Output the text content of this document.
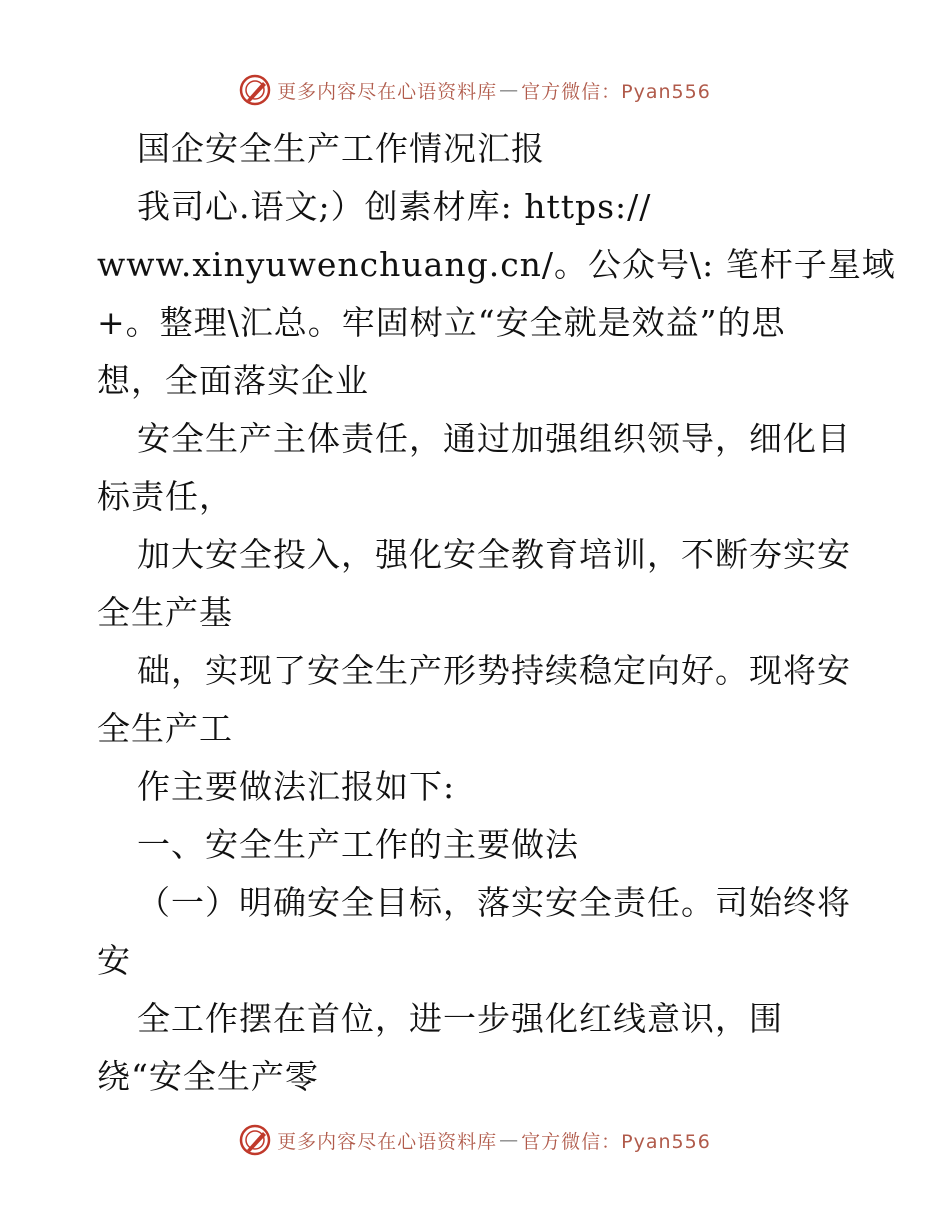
更多内容尽在心语资料库 — 官方微信：Pyan556
国企安全生产工作情况汇报
我司心.语文;）创素材库: https://
www.xinyuwenchuang.cn/。公众号\: 笔杆子星域
+。整理\汇总。牢固树立“安全就是效益”的思
想，全面落实企业
安全生产主体责任，通过加强组织领导，细化目
标责任，
加大安全投入，强化安全教育培训，不断夯实安
全生产基
础，实现了安全生产形势持续稳定向好。现将安
全生产工
作主要做法汇报如下:
一、安全生产工作的主要做法
（一）明确安全目标，落实安全责任。司始终将
安
全工作摆在首位，进一步强化红线意识，围
绕“安全生产零
更多内容尽在心语资料库 — 官方微信：Pyan556
